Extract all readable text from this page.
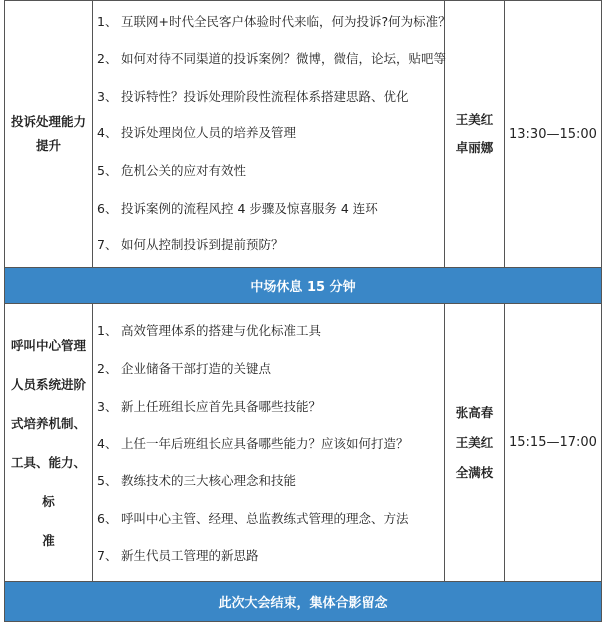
投诉处理能力
提升
1、 互联网+时代全民客户体验时代来临，何为投诉?何为标准？
2、 如何对待不同渠道的投诉案例？微博，微信，论坛，贴吧等
3、 投诉特性？投诉处理阶段性流程体系搭建思路、优化
4、 投诉处理岗位人员的培养及管理
5、 危机公关的应对有效性
6、 投诉案例的流程风控 4 步骤及惊喜服务 4 连环
7、 如何从控制投诉到提前预防？
王美红
卓丽娜
13:30—15:00
中场休息 15 分钟
呼叫中心管理
人员系统进阶
式培养机制、
工具、能力、标
准
1、 高效管理体系的搭建与优化标准工具
2、 企业储备干部打造的关键点
3、 新上任班组长应首先具备哪些技能？
4、 上任一年后班组长应具备哪些能力？应该如何打造？
5、 教练技术的三大核心理念和技能
6、 呼叫中心主管、经理、总监教练式管理的理念、方法
7、 新生代员工管理的新思路
张高春
王美红
全满枝
15:15—17:00
此次大会结束，集体合影留念
